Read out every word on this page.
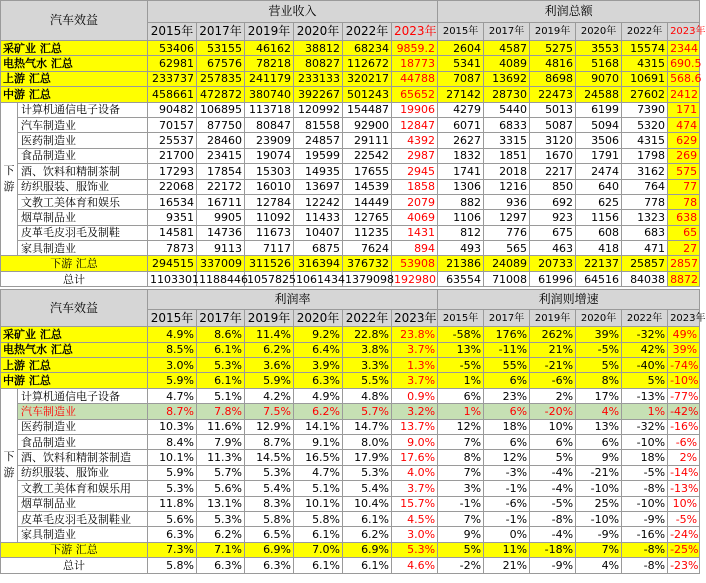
汽车效益		营业收入						利润总额					
		2015年	2017年	2019年	2020年	2022年	2023年	2015年	2017年	2019年	2020年	2022年	2023年
采矿业 汇总		53406	53155	46162	38812	68234	9859.2	2604	4587	5275	3553	15574	2344
电热气水 汇总		62981	67576	78218	80827	112672	18773	5341	4089	4816	5168	4315	690.5
上游 汇总		233737	257835	241179	233133	320217	44788	7087	13692	8698	9070	10691	568.6
中游 汇总		458661	472872	380740	392267	501243	65652	27142	28730	22473	24588	27602	2412
下游	计算机通信电子设备	90482	106895	113718	120992	154487	19906	4279	5440	5013	6199	7390	171
	汽车制造业	70157	87750	80847	81558	92900	12847	6071	6833	5087	5094	5320	474
	医药制造业	25537	28460	23909	24857	29111	4392	2627	3315	3120	3506	4315	629
	食品制造业	21700	23415	19074	19599	22542	2987	1832	1851	1670	1791	1798	269
	酒、饮料和精制茶制	17293	17854	15303	14935	17655	2945	1741	2018	2217	2474	3162	575
	纺织服装、服饰业	22068	22172	16010	13697	14539	1858	1306	1216	850	640	764	77
	文教工美体育和娱乐	16534	16711	12784	12242	14449	2079	882	936	692	625	778	78
	烟草制品业	9351	9905	11092	11433	12765	4069	1106	1297	923	1156	1323	638
	皮革毛皮羽毛及制鞋	14581	14736	11673	10407	11235	1431	812	776	675	608	683	65
	家具制造业	7873	9113	7117	6875	7624	894	493	565	463	418	471	27
下游 汇总		294515	337009	311526	316394	376732	53908	21386	24089	20733	22137	25857	2857
总计		1103301	1188446	1057825	1061434	1379098	192980	63554	71008	61996	64516	84038	8872
汽车效益		利润率						利润则增速					
		2015年	2017年	2019年	2020年	2022年	2023年	2015年	2017年	2019年	2020年	2022年	2023年
采矿业 汇总		4.9%	8.6%	11.4%	9.2%	22.8%	23.8%	-58%	176%	262%	39%	-32%	49%
电热气水 汇总		8.5%	6.1%	6.2%	6.4%	3.8%	3.7%	13%	-11%	21%	-5%	42%	39%
上游 汇总		3.0%	5.3%	3.6%	3.9%	3.3%	1.3%	-5%	55%	-21%	5%	-40%	-74%
中游 汇总		5.9%	6.1%	5.9%	6.3%	5.5%	3.7%	1%	6%	-6%	8%	5%	-10%
下游	计算机通信电子设备	4.7%	5.1%	4.2%	4.9%	4.8%	0.9%	6%	23%	2%	17%	-13%	-77%
	汽车制造业	8.7%	7.8%	7.5%	6.2%	5.7%	3.2%	1%	6%	-20%	4%	1%	-42%
	医药制造业	10.3%	11.6%	12.9%	14.1%	14.7%	13.7%	12%	18%	10%	13%	-32%	-16%
	食品制造业	8.4%	7.9%	8.7%	9.1%	8.0%	9.0%	7%	6%	6%	6%	-10%	-6%
	酒、饮料和精制茶制造	10.1%	11.3%	14.5%	16.5%	17.9%	17.6%	8%	12%	5%	9%	18%	2%
	纺织服装、服饰业	5.9%	5.7%	5.3%	4.7%	5.3%	4.0%	7%	-3%	-4%	-21%	-5%	-14%
	文教工美体育和娱乐用	5.3%	5.6%	5.4%	5.1%	5.4%	3.7%	3%	-1%	-4%	-10%	-8%	-13%
	烟草制品业	11.8%	13.1%	8.3%	10.1%	10.4%	15.7%	-1%	-6%	-5%	25%	-10%	10%
	皮革毛皮羽毛及制鞋业	5.6%	5.3%	5.8%	5.8%	6.1%	4.5%	7%	-1%	-8%	-10%	-9%	-5%
	家具制造业	6.3%	6.2%	6.5%	6.1%	6.2%	3.0%	9%	0%	-4%	-9%	-16%	-24%
下游 汇总		7.3%	7.1%	6.9%	7.0%	6.9%	5.3%	5%	11%	-18%	7%	-8%	-25%
总计		5.8%	6.3%	6.3%	6.1%	6.1%	4.6%	-2%	21%	-9%	4%	-8%	-23%
